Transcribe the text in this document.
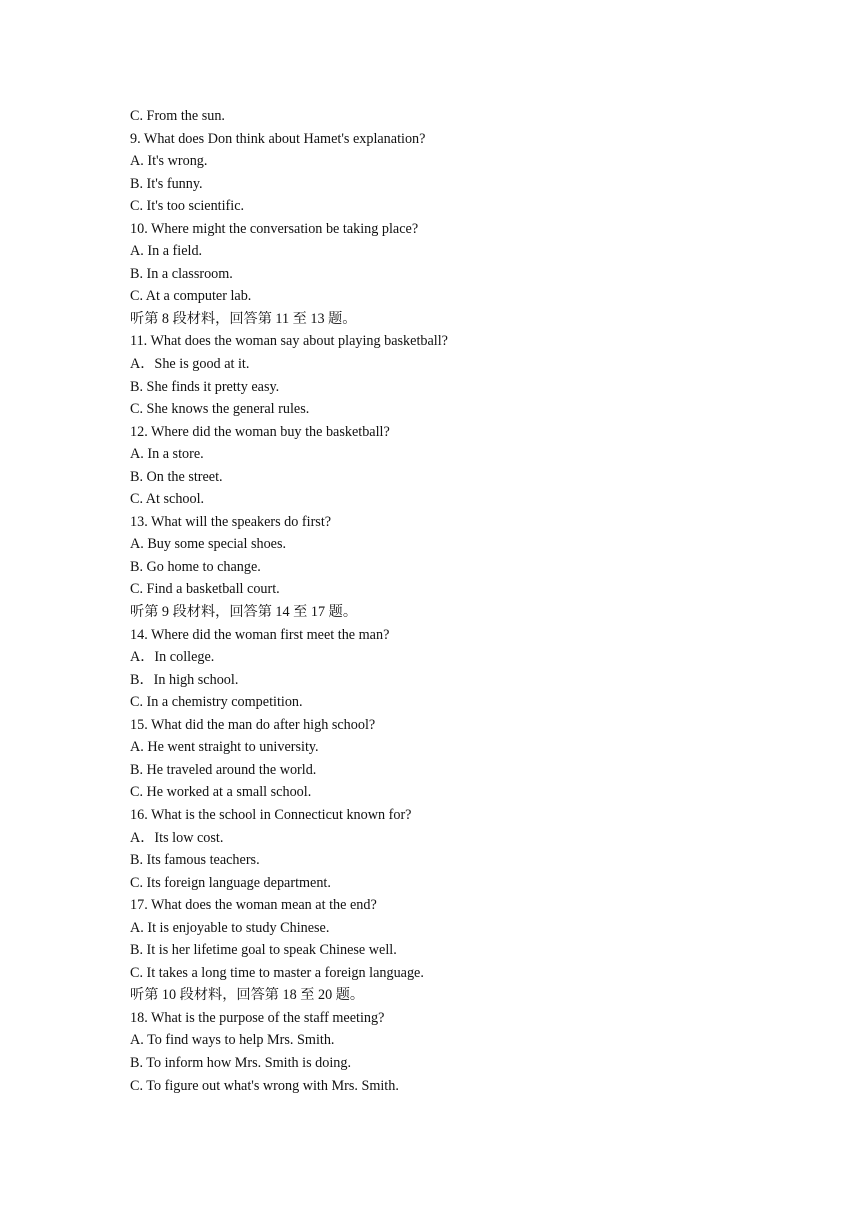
C. From the sun.
9. What does Don think about Hamet's explanation?
A. It's wrong.
B. It's funny.
C. It's too scientific.
10. Where might the conversation be taking place?
A. In a field.
B. In a classroom.
C. At a computer lab.
听第 8 段材料，回答第 11 至 13 题。
11. What does the woman say about playing basketball?
A．She is good at it.
B. She finds it pretty easy.
C. She knows the general rules.
12. Where did the woman buy the basketball?
A. In a store.
B. On the street.
C. At school.
13. What will the speakers do first?
A. Buy some special shoes.
B. Go home to change.
C. Find a basketball court.
听第 9 段材料，回答第 14 至 17 题。
14. Where did the woman first meet the man?
A．In college.
B．In high school.
C. In a chemistry competition.
15. What did the man do after high school?
A. He went straight to university.
B. He traveled around the world.
C. He worked at a small school.
16. What is the school in Connecticut known for?
A．Its low cost.
B. Its famous teachers.
C. Its foreign language department.
17. What does the woman mean at the end?
A. It is enjoyable to study Chinese.
B. It is her lifetime goal to speak Chinese well.
C. It takes a long time to master a foreign language.
听第 10 段材料，回答第 18 至 20 题。
18. What is the purpose of the staff meeting?
A. To find ways to help Mrs. Smith.
B. To inform how Mrs. Smith is doing.
C. To figure out what's wrong with Mrs. Smith.
